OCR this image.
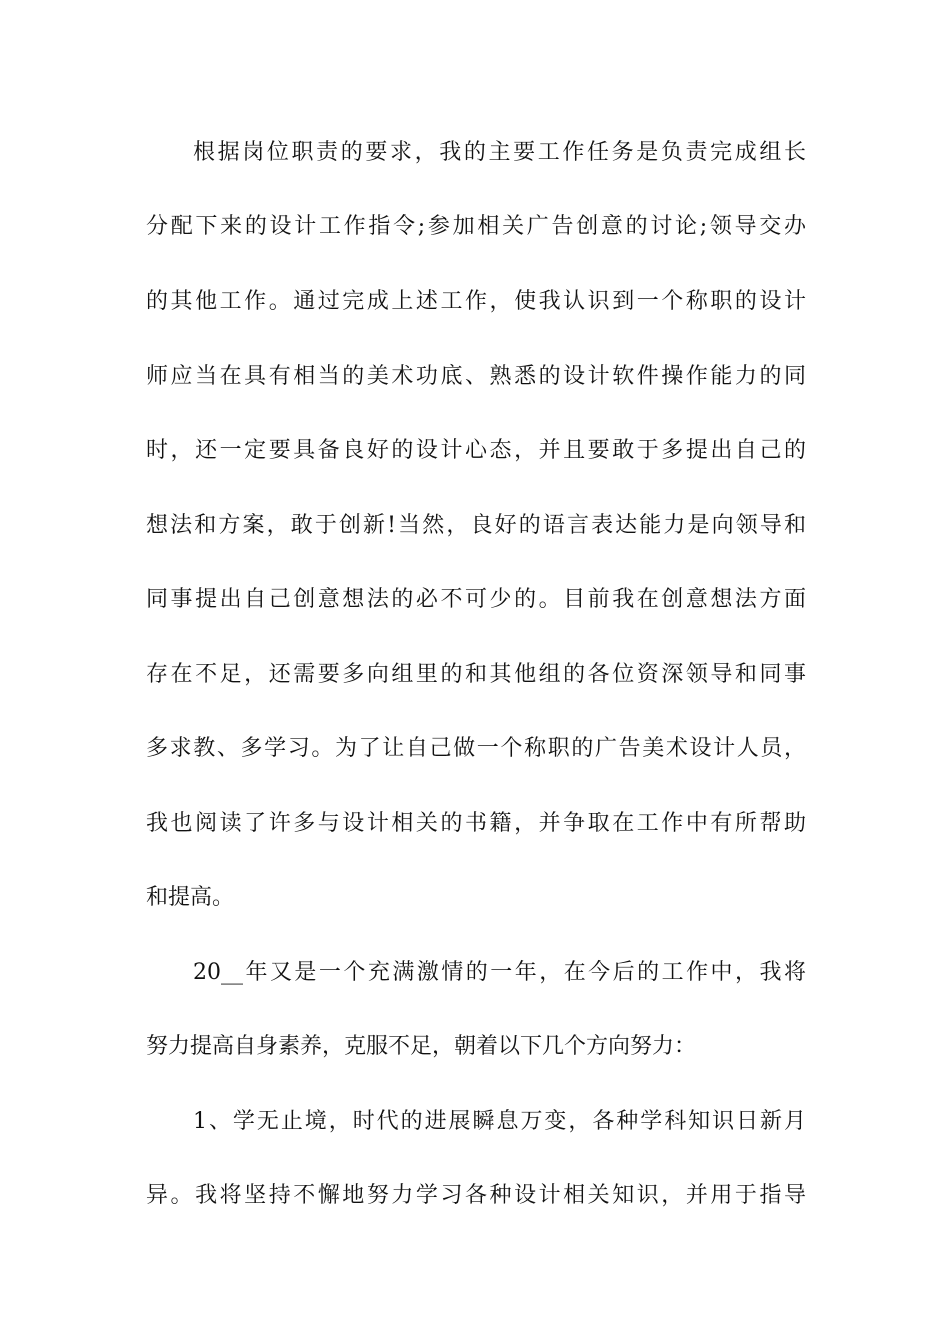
根据岗位职责的要求，我的主要工作任务是负责完成组长
分配下来的设计工作指令;参加相关广告创意的讨论;领导交办
的其他工作。通过完成上述工作，使我认识到一个称职的设计
师应当在具有相当的美术功底、熟悉的设计软件操作能力的同
时，还一定要具备良好的设计心态，并且要敢于多提出自己的
想法和方案，敢于创新!当然，良好的语言表达能力是向领导和
同事提出自己创意想法的必不可少的。目前我在创意想法方面
存在不足，还需要多向组里的和其他组的各位资深领导和同事
多求教、多学习。为了让自己做一个称职的广告美术设计人员，
我也阅读了许多与设计相关的书籍，并争取在工作中有所帮助
和提高。
20__年又是一个充满激情的一年，在今后的工作中，我将
努力提高自身素养，克服不足，朝着以下几个方向努力：
1、学无止境，时代的进展瞬息万变，各种学科知识日新月
异。我将坚持不懈地努力学习各种设计相关知识，并用于指导
